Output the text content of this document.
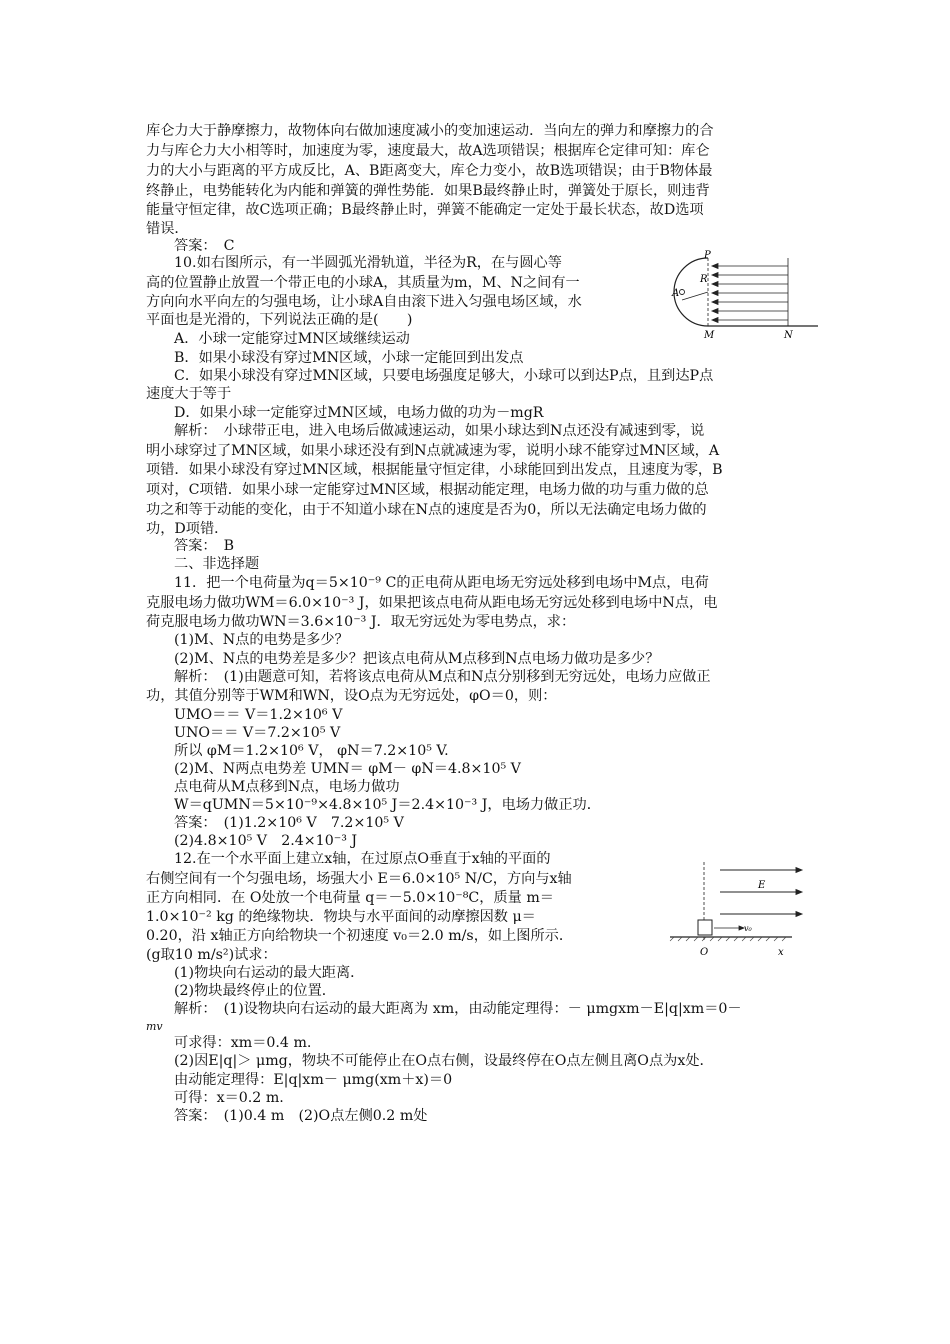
库仑力大于静摩擦力，故物体向右做加速度减小的变加速运动．当向左的弹力和摩擦力的合
力与库仑力大小相等时，加速度为零，速度最大，故A选项错误；根据库仑定律可知：库仑
力的大小与距离的平方成反比，A、B距离变大，库仑力变小，故B选项错误；由于B物体最
终静止，电势能转化为内能和弹簧的弹性势能．如果B最终静止时，弹簧处于原长，则违背
能量守恒定律，故C选项正确；B最终静止时，弹簧不能确定一定处于最长状态，故D选项
错误．
答案：　C
10.如右图所示，有一半圆弧光滑轨道，半径为R，在与圆心等
高的位置静止放置一个带正电的小球A，其质量为m，M、N之间有一
方向向水平向左的匀强电场，让小球A自由滚下进入匀强电场区域，水
平面也是光滑的，下列说法正确的是(　　)
A．小球一定能穿过MN区域继续运动
B．如果小球没有穿过MN区域，小球一定能回到出发点
C．如果小球没有穿过MN区域，只要电场强度足够大，小球可以到达P点，且到达P点
速度大于等于
D．如果小球一定能穿过MN区域，电场力做的功为－mgR
解析：　小球带正电，进入电场后做减速运动，如果小球达到N点还没有减速到零，说
明小球穿过了MN区域，如果小球还没有到N点就减速为零，说明小球不能穿过MN区域，A
项错．如果小球没有穿过MN区域，根据能量守恒定律，小球能回到出发点，且速度为零，B
项对，C项错．如果小球一定能穿过MN区域，根据动能定理，电场力做的功与重力做的总
功之和等于动能的变化，由于不知道小球在N点的速度是否为0，所以无法确定电场力做的
功，D项错．
答案：　B
二、非选择题
11．把一个电荷量为q＝5×10⁻⁹ C的正电荷从距电场无穷远处移到电场中M点，电荷
克服电场力做功WM＝6.0×10⁻³ J，如果把该点电荷从距电场无穷远处移到电场中N点，电
荷克服电场力做功WN＝3.6×10⁻³ J．取无穷远处为零电势点，求：
(1)M、N点的电势是多少？
(2)M、N点的电势差是多少？把该点电荷从M点移到N点电场力做功是多少？
解析：　(1)由题意可知，若将该点电荷从M点和N点分别移到无穷远处，电场力应做正
功，其值分别等于WM和WN，设O点为无穷远处，φO＝0，则：
UMO＝＝ V＝1.2×10⁶ V
UNO＝＝ V＝7.2×10⁵ V
所以 φM＝1.2×10⁶ V， φN＝7.2×10⁵ V.
(2)M、N两点电势差 UMN＝ φM－ φN＝4.8×10⁵ V
点电荷从M点移到N点，电场力做功
W＝qUMN＝5×10⁻⁹×4.8×10⁵ J＝2.4×10⁻³ J，电场力做正功．
答案：　(1)1.2×10⁶ V　7.2×10⁵ V
(2)4.8×10⁵ V　2.4×10⁻³ J
12.在一个水平面上建立x轴，在过原点O垂直于x轴的平面的
右侧空间有一个匀强电场，场强大小 E＝6.0×10⁵ N/C，方向与x轴
正方向相同．在 O处放一个电荷量 q＝－5.0×10⁻⁸C，质量 m＝
1.0×10⁻² kg 的绝缘物块．物块与水平面间的动摩擦因数 μ＝
0.20，沿 x轴正方向给物块一个初速度 v₀＝2.0 m/s，如上图所示．
(g取10 m/s²)试求：
(1)物块向右运动的最大距离．
(2)物块最终停止的位置．
解析：　(1)设物块向右运动的最大距离为 xm，由动能定理得：－ μmgxm－E|q|xm＝0－
mv
可求得：xm＝0.4 m.
(2)因E|q|＞ μmg，物块不可能停止在O点右侧，设最终停在O点左侧且离O点为x处．
由动能定理得：E|q|xm－ μmg(xm＋x)＝0
可得：x＝0.2 m.
答案：　(1)0.4 m　(2)O点左侧0.2 m处
P
R
A
M	N
E
v₀
O	x
